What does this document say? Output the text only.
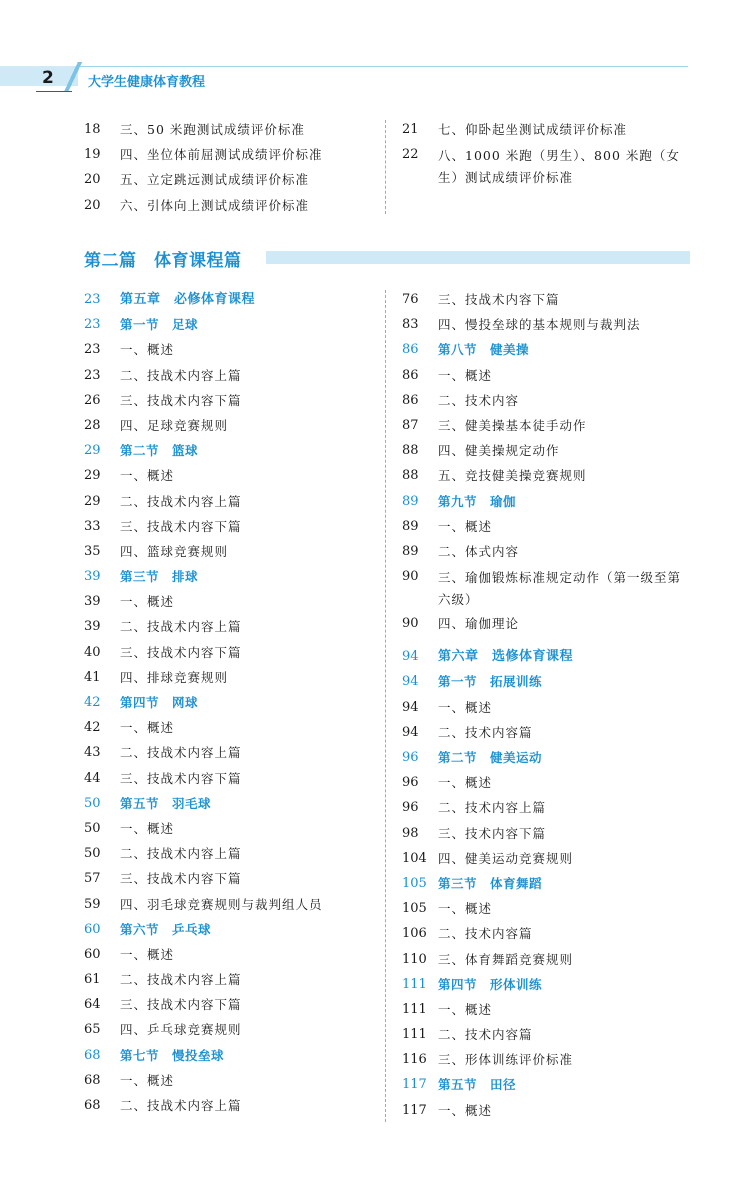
2	大学生健康体育教程
18	三、50 米跑测试成绩评价标准
19	四、坐位体前屈测试成绩评价标准
20	五、立定跳远测试成绩评价标准
20	六、引体向上测试成绩评价标准
21	七、仰卧起坐测试成绩评价标准
22	八、1000 米跑（男生）、800 米跑（女生）测试成绩评价标准
第二篇　体育课程篇
23	第五章　必修体育课程
23	第一节　足球
23	一、概述
23	二、技战术内容上篇
26	三、技战术内容下篇
28	四、足球竞赛规则
29	第二节　篮球
29	一、概述
29	二、技战术内容上篇
33	三、技战术内容下篇
35	四、篮球竞赛规则
39	第三节　排球
39	一、概述
39	二、技战术内容上篇
40	三、技战术内容下篇
41	四、排球竞赛规则
42	第四节　网球
42	一、概述
43	二、技战术内容上篇
44	三、技战术内容下篇
50	第五节　羽毛球
50	一、概述
50	二、技战术内容上篇
57	三、技战术内容下篇
59	四、羽毛球竞赛规则与裁判组人员
60	第六节　乒乓球
60	一、概述
61	二、技战术内容上篇
64	三、技战术内容下篇
65	四、乒乓球竞赛规则
68	第七节　慢投垒球
68	一、概述
68	二、技战术内容上篇
76	三、技战术内容下篇
83	四、慢投垒球的基本规则与裁判法
86	第八节　健美操
86	一、概述
86	二、技术内容
87	三、健美操基本徒手动作
88	四、健美操规定动作
88	五、竞技健美操竞赛规则
89	第九节　瑜伽
89	一、概述
89	二、体式内容
90	三、瑜伽锻炼标准规定动作（第一级至第六级）
90	四、瑜伽理论
94	第六章　选修体育课程
94	第一节　拓展训练
94	一、概述
94	二、技术内容篇
96	第二节　健美运动
96	一、概述
96	二、技术内容上篇
98	三、技术内容下篇
104 四、健美运动竞赛规则
105 第三节　体育舞蹈
105 一、概述
106 二、技术内容篇
110 三、体育舞蹈竞赛规则
111 第四节　形体训练
111 一、概述
111 二、技术内容篇
116 三、形体训练评价标准
117 第五节　田径
117 一、概述
